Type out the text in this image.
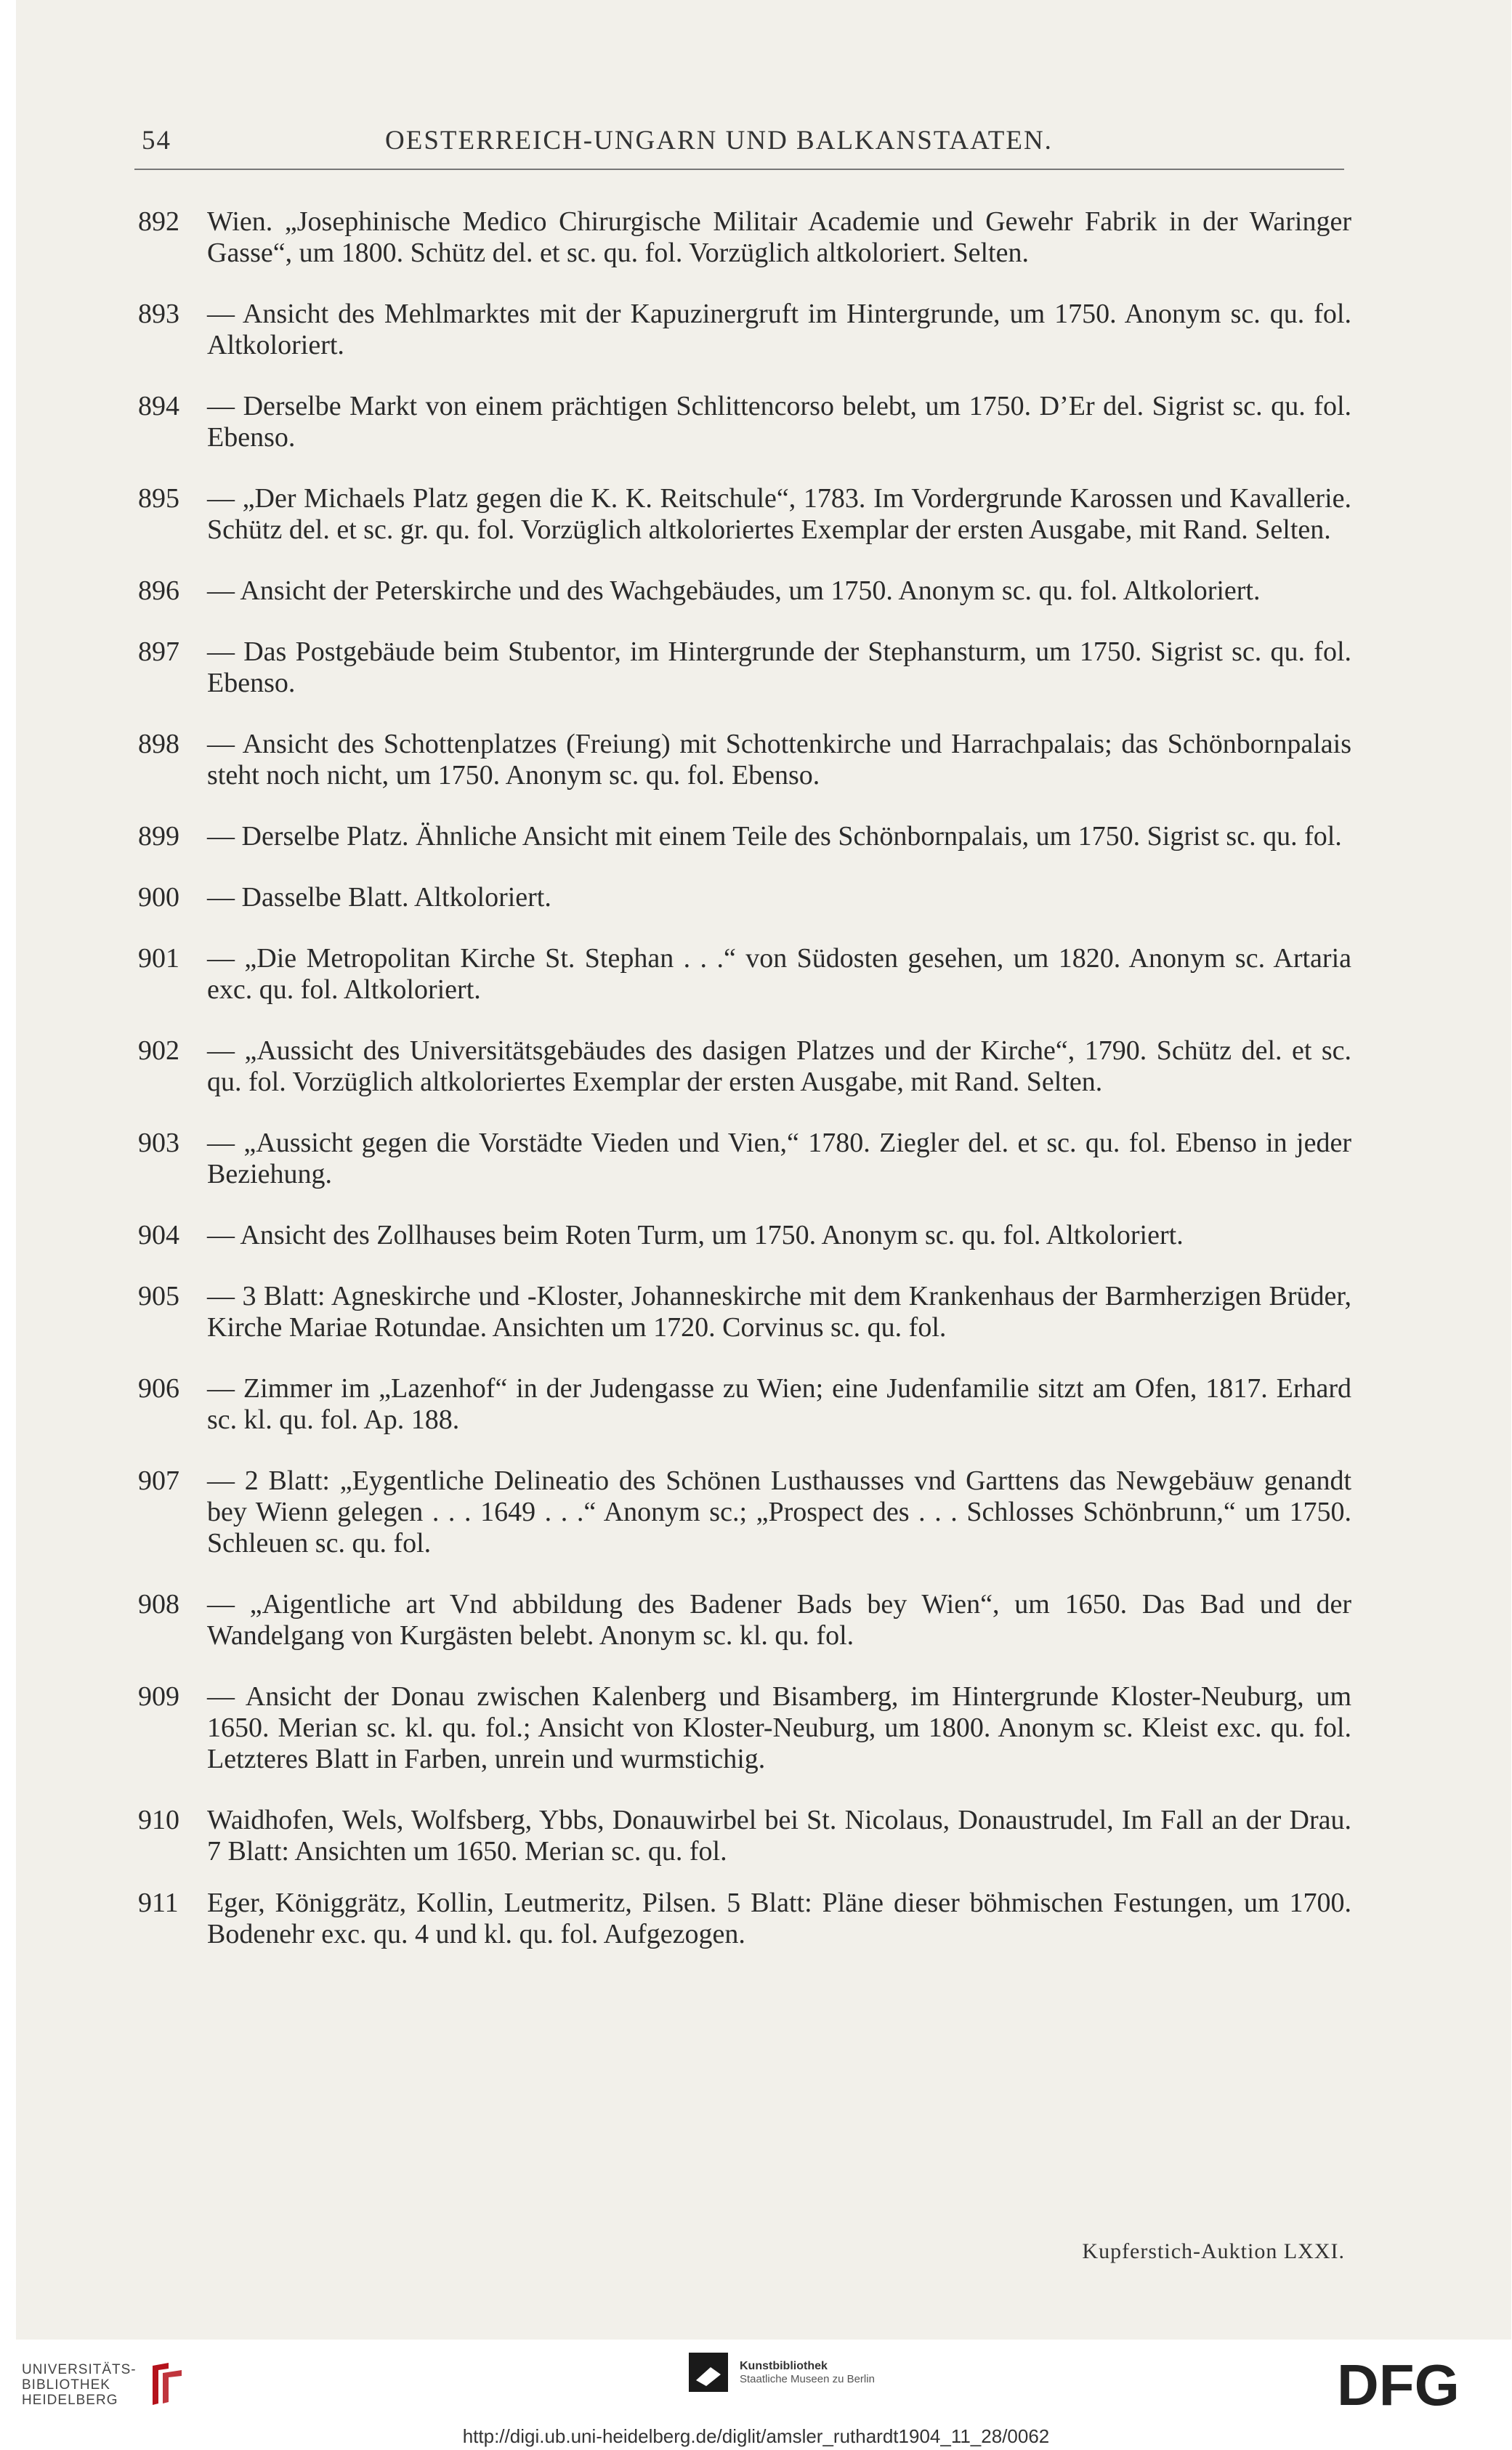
54	OESTERREICH-UNGARN UND BALKANSTAATEN.
892	Wien. „Josephinische Medico Chirurgische Militair Academie und Gewehr Fabrik in der Waringer Gasse“, um 1800. Schütz del. et sc. qu. fol. Vorzüglich altkoloriert. Selten.
893	— Ansicht des Mehlmarktes mit der Kapuzinergruft im Hintergrunde, um 1750. Anonym sc. qu. fol. Altkoloriert.
894	— Derselbe Markt von einem prächtigen Schlittencorso belebt, um 1750. D’Er del. Sigrist sc. qu. fol. Ebenso.
895	— „Der Michaels Platz gegen die K. K. Reitschule“, 1783. Im Vordergrunde Karossen und Kavallerie. Schütz del. et sc. gr. qu. fol. Vorzüglich altkoloriertes Exemplar der ersten Ausgabe, mit Rand. Selten.
896	— Ansicht der Peterskirche und des Wachgebäudes, um 1750. Anonym sc. qu. fol. Altkoloriert.
897	— Das Postgebäude beim Stubentor, im Hintergrunde der Stephansturm, um 1750. Sigrist sc. qu. fol. Ebenso.
898	— Ansicht des Schottenplatzes (Freiung) mit Schottenkirche und Harrachpalais; das Schönbornpalais steht noch nicht, um 1750. Anonym sc. qu. fol. Ebenso.
899	— Derselbe Platz. Ähnliche Ansicht mit einem Teile des Schönbornpalais, um 1750. Sigrist sc. qu. fol.
900	— Dasselbe Blatt. Altkoloriert.
901	— „Die Metropolitan Kirche St. Stephan . . .“ von Südosten gesehen, um 1820. Anonym sc. Artaria exc. qu. fol. Altkoloriert.
902	— „Aussicht des Universitätsgebäudes des dasigen Platzes und der Kirche“, 1790. Schütz del. et sc. qu. fol. Vorzüglich altkoloriertes Exemplar der ersten Ausgabe, mit Rand. Selten.
903	— „Aussicht gegen die Vorstädte Vieden und Vien,“ 1780. Ziegler del. et sc. qu. fol. Ebenso in jeder Beziehung.
904	— Ansicht des Zollhauses beim Roten Turm, um 1750. Anonym sc. qu. fol. Altkoloriert.
905	— 3 Blatt: Agneskirche und -Kloster, Johanneskirche mit dem Krankenhaus der Barmherzigen Brüder, Kirche Mariae Rotundae. Ansichten um 1720. Corvinus sc. qu. fol.
906	— Zimmer im „Lazenhof“ in der Judengasse zu Wien; eine Judenfamilie sitzt am Ofen, 1817. Erhard sc. kl. qu. fol. Ap. 188.
907	— 2 Blatt: „Eygentliche Delineatio des Schönen Lusthausses vnd Garttens das Newgebäuw genandt bey Wienn gelegen . . . 1649 . . .“ Anonym sc.; „Prospect des . . . Schlosses Schönbrunn,“ um 1750. Schleuen sc. qu. fol.
908	— „Aigentliche art Vnd abbildung des Badener Bads bey Wien“, um 1650. Das Bad und der Wandelgang von Kurgästen belebt. Anonym sc. kl. qu. fol.
909	— Ansicht der Donau zwischen Kalenberg und Bisamberg, im Hintergrunde Kloster-Neuburg, um 1650. Merian sc. kl. qu. fol.; Ansicht von Kloster-Neuburg, um 1800. Anonym sc. Kleist exc. qu. fol. Letzteres Blatt in Farben, unrein und wurmstichig.
910	Waidhofen, Wels, Wolfsberg, Ybbs, Donauwirbel bei St. Nicolaus, Donaustrudel, Im Fall an der Drau. 7 Blatt: Ansichten um 1650. Merian sc. qu. fol.
911	Eger, Königgrätz, Kollin, Leutmeritz, Pilsen. 5 Blatt: Pläne dieser böhmischen Festungen, um 1700. Bodenehr exc. qu. 4 und kl. qu. fol. Aufgezogen.
Kupferstich-Auktion LXXI.
UNIVERSITÄTS-
BIBLIOTHEK
HEIDELBERG
Kunstbibliothek
Staatliche Museen zu Berlin	DFG
http://digi.ub.uni-heidelberg.de/diglit/amsler_ruthardt1904_11_28/0062
